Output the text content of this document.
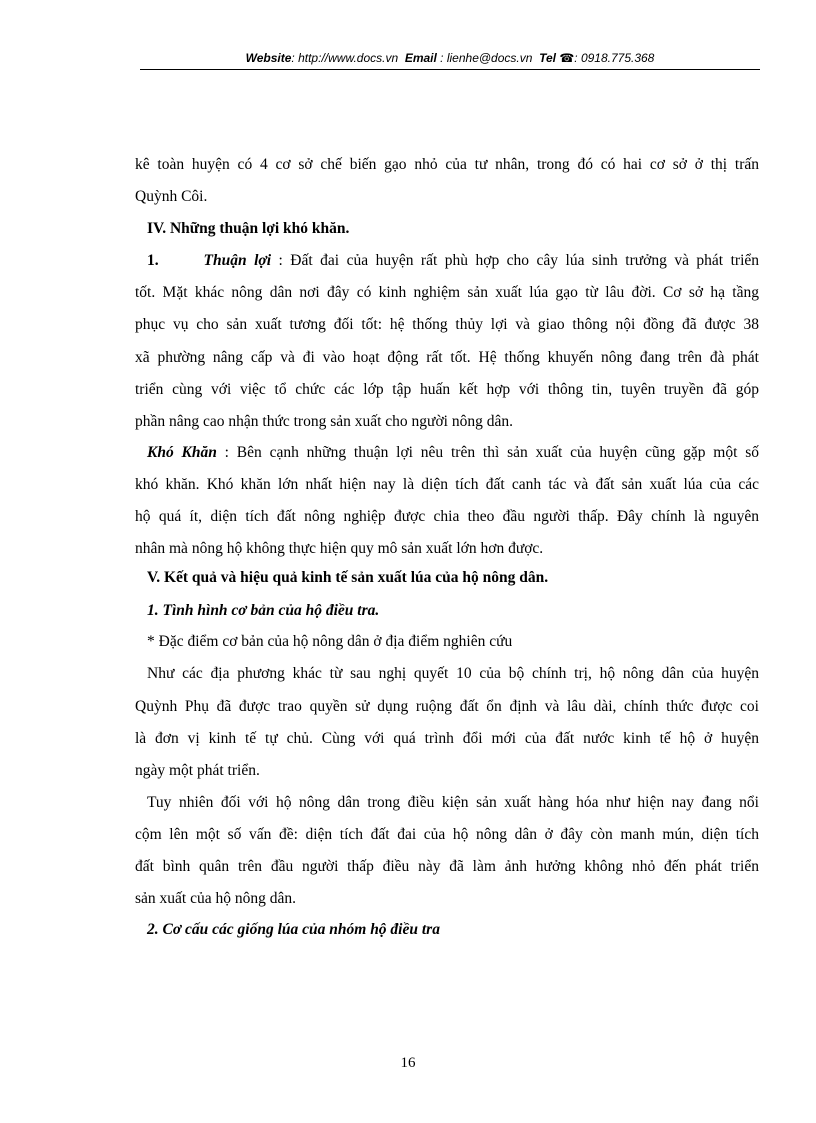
Website: http://www.docs.vn Email : lienhe@docs.vn Tel ☎: 0918.775.368
kê toàn huyện có 4 cơ sở chế biến gạo nhỏ của tư nhân, trong đó có hai cơ sở ở thị trấn
Quỳnh Côi.
IV. Những thuận lợi khó khăn.
1.	Thuận lợi : Đất đai của huyện rất phù hợp cho cây lúa sinh trưởng và phát triển
tốt. Mặt khác nông dân nơi đây có kinh nghiệm sản xuất lúa gạo từ lâu đời. Cơ sở hạ tầng
phục vụ cho sản xuất tương đối tốt: hệ thống thủy lợi và giao thông nội đồng đã được 38
xã phường nâng cấp và đi vào hoạt động rất tốt. Hệ thống khuyến nông đang trên đà phát
triển cùng với việc tổ chức các lớp tập huấn kết hợp với thông tin, tuyên truyền đã góp
phần nâng cao nhận thức trong sản xuất cho người nông dân.
Khó Khăn : Bên cạnh những thuận lợi nêu trên thì sản xuất của huyện cũng gặp một số
khó khăn. Khó khăn lớn nhất hiện nay là diện tích đất canh tác và đất sản xuất lúa của các
hộ quá ít, diện tích đất nông nghiệp được chia theo đầu người thấp. Đây chính là nguyên
nhân mà nông hộ không thực hiện quy mô sản xuất lớn hơn được.
V. Kết quả và hiệu quả kinh tế sản xuất lúa của hộ nông dân.
1. Tình hình cơ bản của hộ điều tra.
* Đặc điểm cơ bản của hộ nông dân ở địa điểm nghiên cứu
Như các địa phương khác từ sau nghị quyết 10 của bộ chính trị, hộ nông dân của huyện
Quỳnh Phụ đã được trao quyền sử dụng ruộng đất ổn định và lâu dài, chính thức được coi
là đơn vị kinh tế tự chủ. Cùng với quá trình đổi mới của đất nước kinh tế hộ ở huyện
ngày một phát triển.
Tuy nhiên đối với hộ nông dân trong điều kiện sản xuất hàng hóa như hiện nay đang nổi
cộm lên một số vấn đề: diện tích đất đai của hộ nông dân ở đây còn manh mún, diện tích
đất bình quân trên đầu người thấp điều này đã làm ảnh hưởng không nhỏ đến phát triển
sản xuất của hộ nông dân.
2. Cơ cấu các giống lúa của nhóm hộ điều tra
16
